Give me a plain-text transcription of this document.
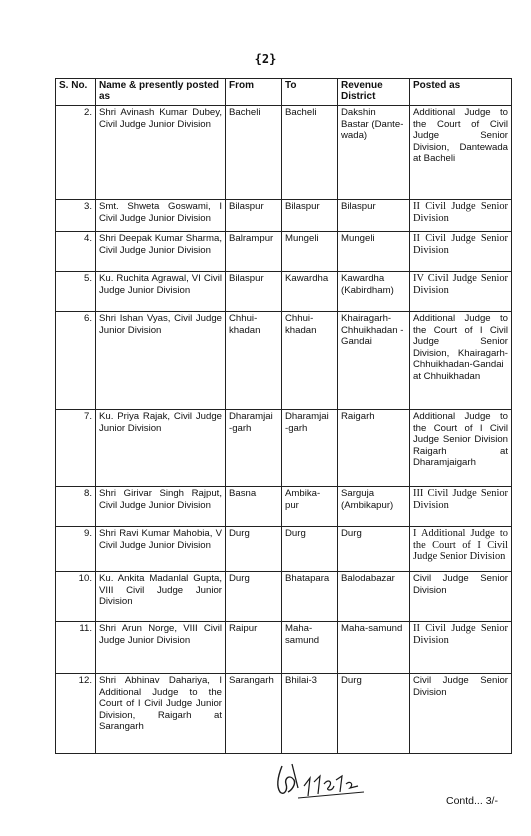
{2}
S. No.	Name & presently posted as	From	To	Revenue District	Posted as
2.	Shri Avinash Kumar Dubey, Civil Judge Junior Division	Bacheli	Bacheli	Dakshin Bastar (Dante-wada)	Additional Judge to the Court of Civil Judge Senior Division, Dantewada at Bacheli
3.	Smt. Shweta Goswami, I Civil Judge Junior Division	Bilaspur	Bilaspur	Bilaspur	II Civil Judge Senior Division
4.	Shri Deepak Kumar Sharma, Civil Judge Junior Division	Balrampur	Mungeli	Mungeli	II Civil Judge Senior Division
5.	Ku. Ruchita Agrawal, VI Civil Judge Junior Division	Bilaspur	Kawardha	Kawardha (Kabirdham)	IV Civil Judge Senior Division
6.	Shri Ishan Vyas, Civil Judge Junior Division	Chhui-khadan	Chhui-khadan	Khairagarh-Chhuikhadan -Gandai	Additional Judge to the Court of I Civil Judge Senior Division, Khairagarh-Chhuikhadan-Gandai at Chhuikhadan
7.	Ku. Priya Rajak, Civil Judge Junior Division	Dharamjai -garh	Dharamjai -garh	Raigarh	Additional Judge to the Court of I Civil Judge Senior Division Raigarh at Dharamjaigarh
8.	Shri Girivar Singh Rajput, Civil Judge Junior Division	Basna	Ambika-pur	Sarguja (Ambikapur)	III Civil Judge Senior Division
9.	Shri Ravi Kumar Mahobia, V Civil Judge Junior Division	Durg	Durg	Durg	I Additional Judge to the Court of I Civil Judge Senior Division
10.	Ku. Ankita Madanlal Gupta, VIII Civil Judge Junior Division	Durg	Bhatapara	Balodabazar	Civil Judge Senior Division
11.	Shri Arun Norge, VIII Civil Judge Junior Division	Raipur	Maha-samund	Maha-samund	II Civil Judge Senior Division
12.	Shri Abhinav Dahariya, I Additional Judge to the Court of I Civil Judge Junior Division, Raigarh at Sarangarh	Sarangarh	Bhilai-3	Durg	Civil Judge Senior Division
Contd... 3/-
